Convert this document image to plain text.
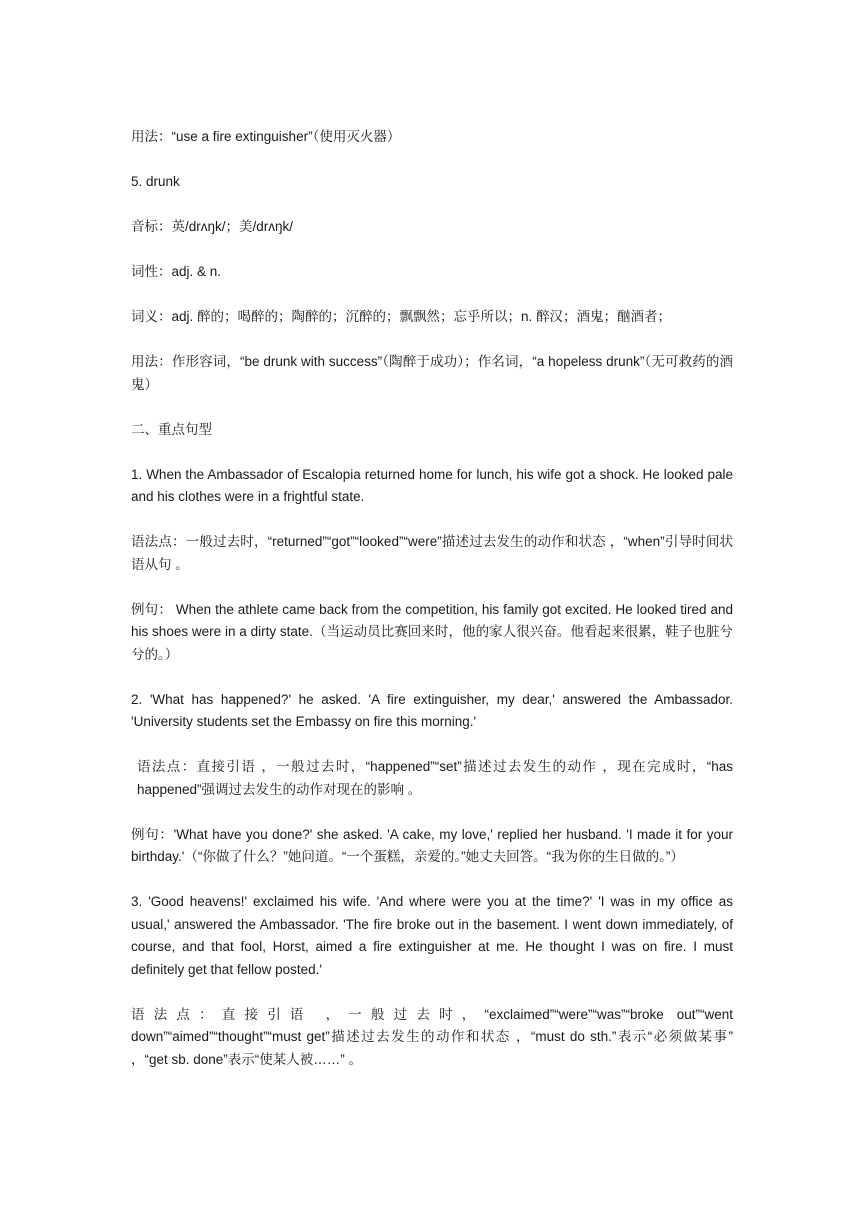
用法：“use a fire extinguisher”（使用灭火器）

5. drunk

音标：英/drʌŋk/；美/drʌŋk/

词性：adj. & n.

词义：adj. 醉的；喝醉的；陶醉的；沉醉的；飘飘然；忘乎所以；n. 醉汉；酒鬼；酗酒者；

用法：作形容词，“be drunk with success”（陶醉于成功）；作名词，“a hopeless drunk”（无可救药的酒鬼）

二、重点句型

1. When the Ambassador of Escalopia returned home for lunch, his wife got a shock. He looked pale and his clothes were in a frightful state.

语法点：一般过去时，“returned”“got”“looked”“were”描述过去发生的动作和状态 ，“when”引导时间状语从句 。

例句： When the athlete came back from the competition, his family got excited. He looked tired and his shoes were in a dirty state.（当运动员比赛回来时，他的家人很兴奋。他看起来很累，鞋子也脏兮兮的。）

2. 'What has happened?' he asked. 'A fire extinguisher, my dear,' answered the Ambassador. 'University students set the Embassy on fire this morning.'

语法点：直接引语 ，一般过去时，“happened”“set”描述过去发生的动作 ，现在完成时，“has happened”强调过去发生的动作对现在的影响 。

例句：'What have you done?' she asked. 'A cake, my love,' replied her husband. 'I made it for your birthday.'（“你做了什么？”她问道。“一个蛋糕，亲爱的。”她丈夫回答。“我为你的生日做的。”）

3. 'Good heavens!' exclaimed his wife. 'And where were you at the time?' 'I was in my office as usual,' answered the Ambassador. 'The fire broke out in the basement. I went down immediately, of course, and that fool, Horst, aimed a fire extinguisher at me. He thought I was on fire. I must definitely get that fellow posted.'

语法点：直接引语 ，一般过去时，“exclaimed”“were”“was”“broke out”“went down”“aimed”“thought”“must get”描述过去发生的动作和状态 ，“must do sth.”表示“必须做某事” ，“get sb. done”表示“使某人被……” 。
